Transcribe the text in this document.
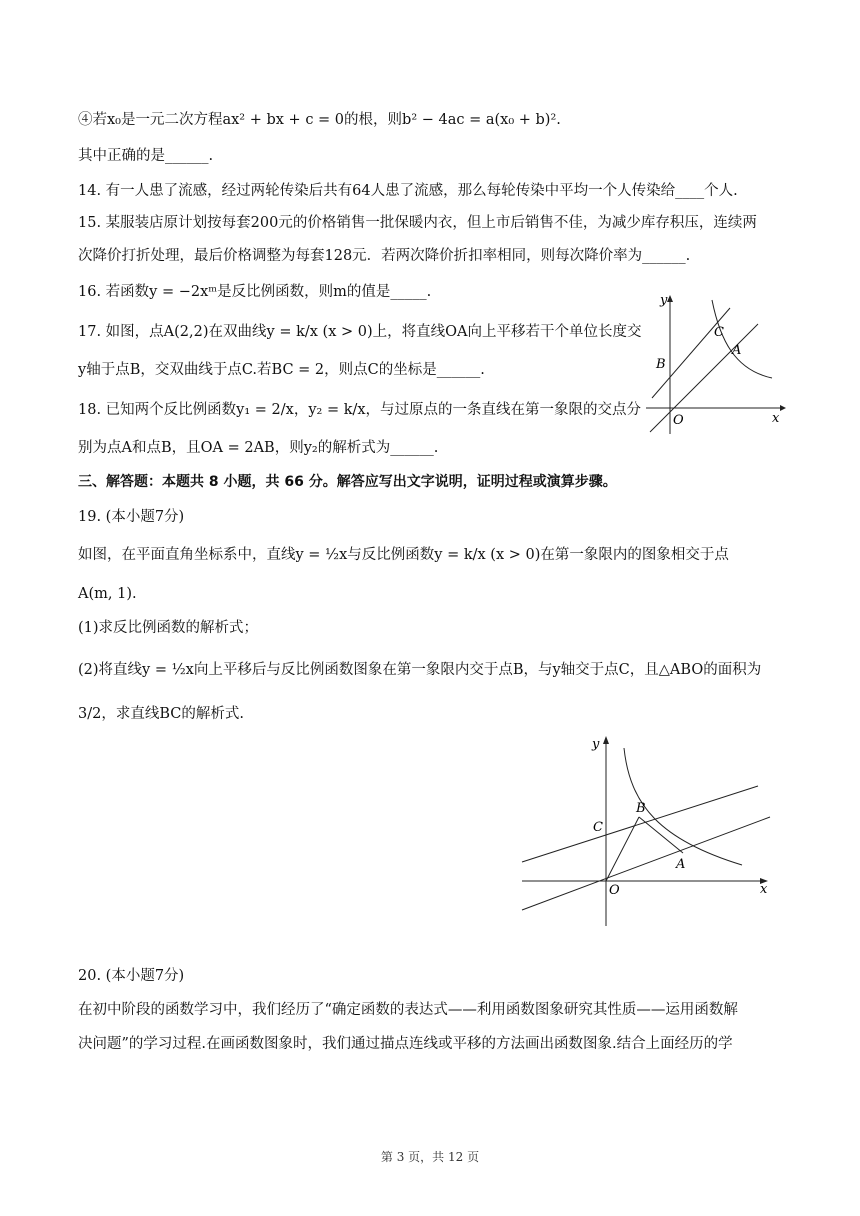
④若x₀是一元二次方程ax² + bx + c = 0的根，则b² − 4ac = a(x₀ + b)².
其中正确的是______.
14. 有一人患了流感，经过两轮传染后共有64人患了流感，那么每轮传染中平均一个人传染给____个人.
15. 某服装店原计划按每套200元的价格销售一批保暖内衣，但上市后销售不佳，为减少库存积压，连续两
次降价打折处理，最后价格调整为每套128元．若两次降价折扣率相同，则每次降价率为______.
16. 若函数y = −2xᵐ是反比例函数，则m的值是_____.
17. 如图，点A(2,2)在双曲线y = k/x (x > 0)上，将直线OA向上平移若干个单位长度交
y轴于点B，交双曲线于点C.若BC = 2，则点C的坐标是______.
18. 已知两个反比例函数y₁ = 2/x，y₂ = k/x，与过原点的一条直线在第一象限的交点分
别为点A和点B，且OA = 2AB，则y₂的解析式为______.
三、解答题：本题共 8 小题，共 66 分。解答应写出文字说明，证明过程或演算步骤。
19. (本小题7分)
如图，在平面直角坐标系中，直线y = ½x与反比例函数y = k/x (x > 0)在第一象限内的图象相交于点
A(m, 1).
(1)求反比例函数的解析式；
(2)将直线y = ½x向上平移后与反比例函数图象在第一象限内交于点B，与y轴交于点C，且△ABO的面积为
3/2，求直线BC的解析式.
20. (本小题7分)
在初中阶段的函数学习中，我们经历了“确定函数的表达式——利用函数图象研究其性质——运用函数解
决问题”的学习过程.在画函数图象时，我们通过描点连线或平移的方法画出函数图象.结合上面经历的学
y
x
O
A
B
C
y
x
O
A
B
C
第 3 页，共 12 页
